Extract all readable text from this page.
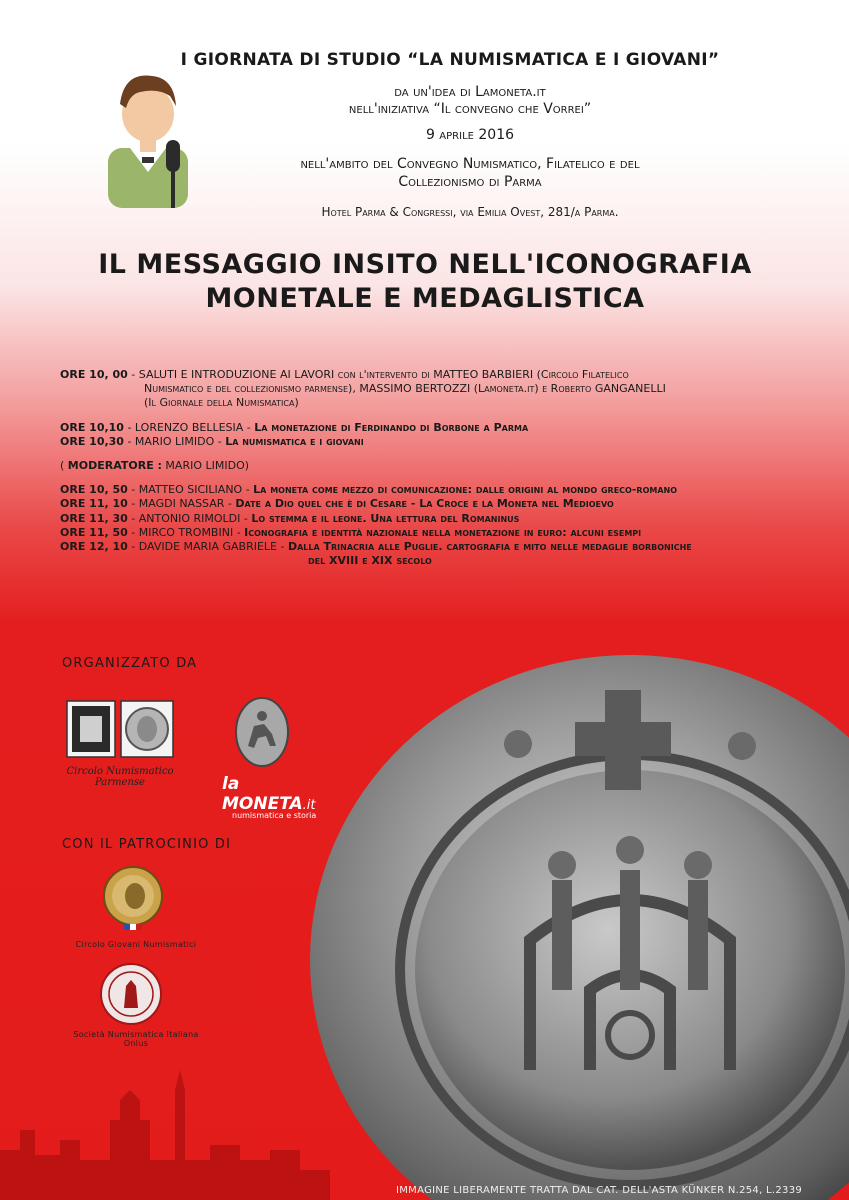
I GIORNATA DI STUDIO “LA NUMISMATICA E I GIOVANI”
da un'idea di Lamoneta.it
nell'iniziativa “Il convegno che Vorrei”
9 aprile 2016
nell'ambito del Convegno Numismatico, Filatelico e del
Collezionismo di Parma
Hotel Parma & Congressi, via Emilia Ovest, 281/a Parma.
IL MESSAGGIO INSITO NELL'ICONOGRAFIA
MONETALE E MEDAGLISTICA
ORE 10, 00 - SALUTI E INTRODUZIONE AI LAVORI con l'intervento di MATTEO BARBIERI (Circolo Filatelico
Numismatico e del collezionismo parmense), MASSIMO BERTOZZI (Lamoneta.it) e Roberto GANGANELLI
(Il Giornale della Numismatica)
ORE 10,10 - LORENZO BELLESIA - La monetazione di Ferdinando di Borbone a Parma
ORE 10,30 - MARIO LIMIDO - La numismatica e i giovani
( MODERATORE : MARIO LIMIDO)
ORE 10, 50 - MATTEO SICILIANO - La moneta come mezzo di comunicazione: dalle origini al mondo greco-romano
ORE 11, 10 - MAGDI NASSAR - Date a Dio quel che è di Cesare - La Croce e la Moneta nel Medioevo
ORE 11, 30 - ANTONIO RIMOLDI - Lo stemma e il leone. Una lettura del Romaninus
ORE 11, 50 - MIRCO TROMBINI - Iconografia e identità nazionale nella monetazione in euro: alcuni esempi
ORE 12, 10 - DAVIDE MARIA GABRIELE - Dalla Trinacria alle Puglie. cartografia e mito nelle medaglie borboniche
del XVIII e XIX secolo
ORGANIZZATO DA
Circolo Numismatico
Parmense	la MONETA.it
numismatica e storia
CON IL PATROCINIO DI
Circolo Giovani Numismatici
Società Numismatica Italiana
Onlus
IMMAGINE LIBERAMENTE TRATTA DAL CAT. DELL'ASTA KÜNKER N.254, L.2339
